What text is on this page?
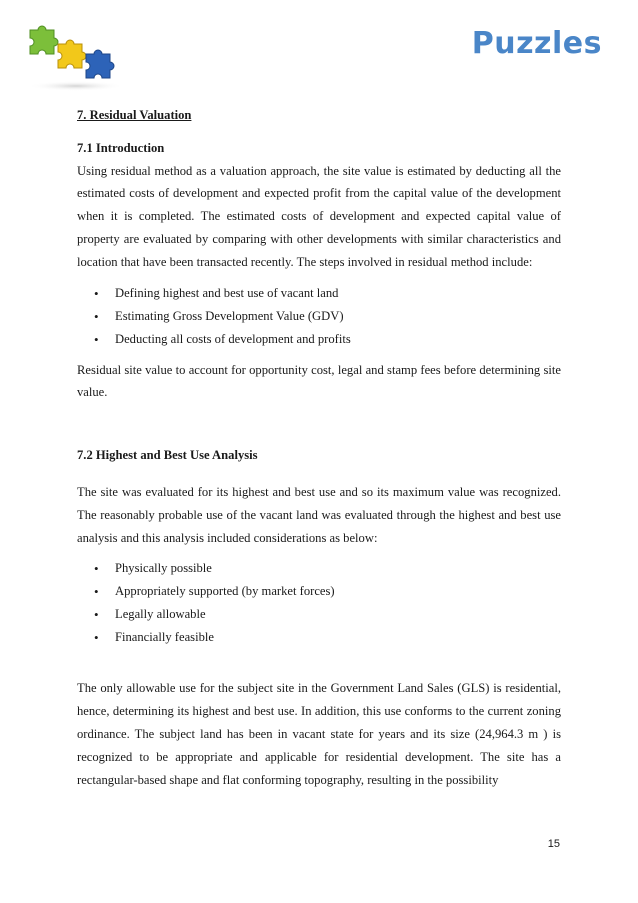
Puzzles
7. Residual Valuation
7.1 Introduction

Using residual method as a valuation approach, the site value is estimated by deducting all the estimated costs of development and expected profit from the capital value of the development when it is completed. The estimated costs of development and expected capital value of property are evaluated by comparing with other developments with similar characteristics and location that have been transacted recently. The steps involved in residual method include:

• Defining highest and best use of vacant land
• Estimating Gross Development Value (GDV)
• Deducting all costs of development and profits

Residual site value to account for opportunity cost, legal and stamp fees before determining site value.

7.2 Highest and Best Use Analysis

The site was evaluated for its highest and best use and so its maximum value was recognized. The reasonably probable use of the vacant land was evaluated through the highest and best use analysis and this analysis included considerations as below:

• Physically possible
• Appropriately supported (by market forces)
• Legally allowable
• Financially feasible

The only allowable use for the subject site in the Government Land Sales (GLS) is residential, hence, determining its highest and best use. In addition, this use conforms to the current zoning ordinance. The subject land has been in vacant state for years and its size (24,964.3 m ) is recognized to be appropriate and applicable for residential development. The site has a rectangular-based shape and flat conforming topography, resulting in the possibility

15
